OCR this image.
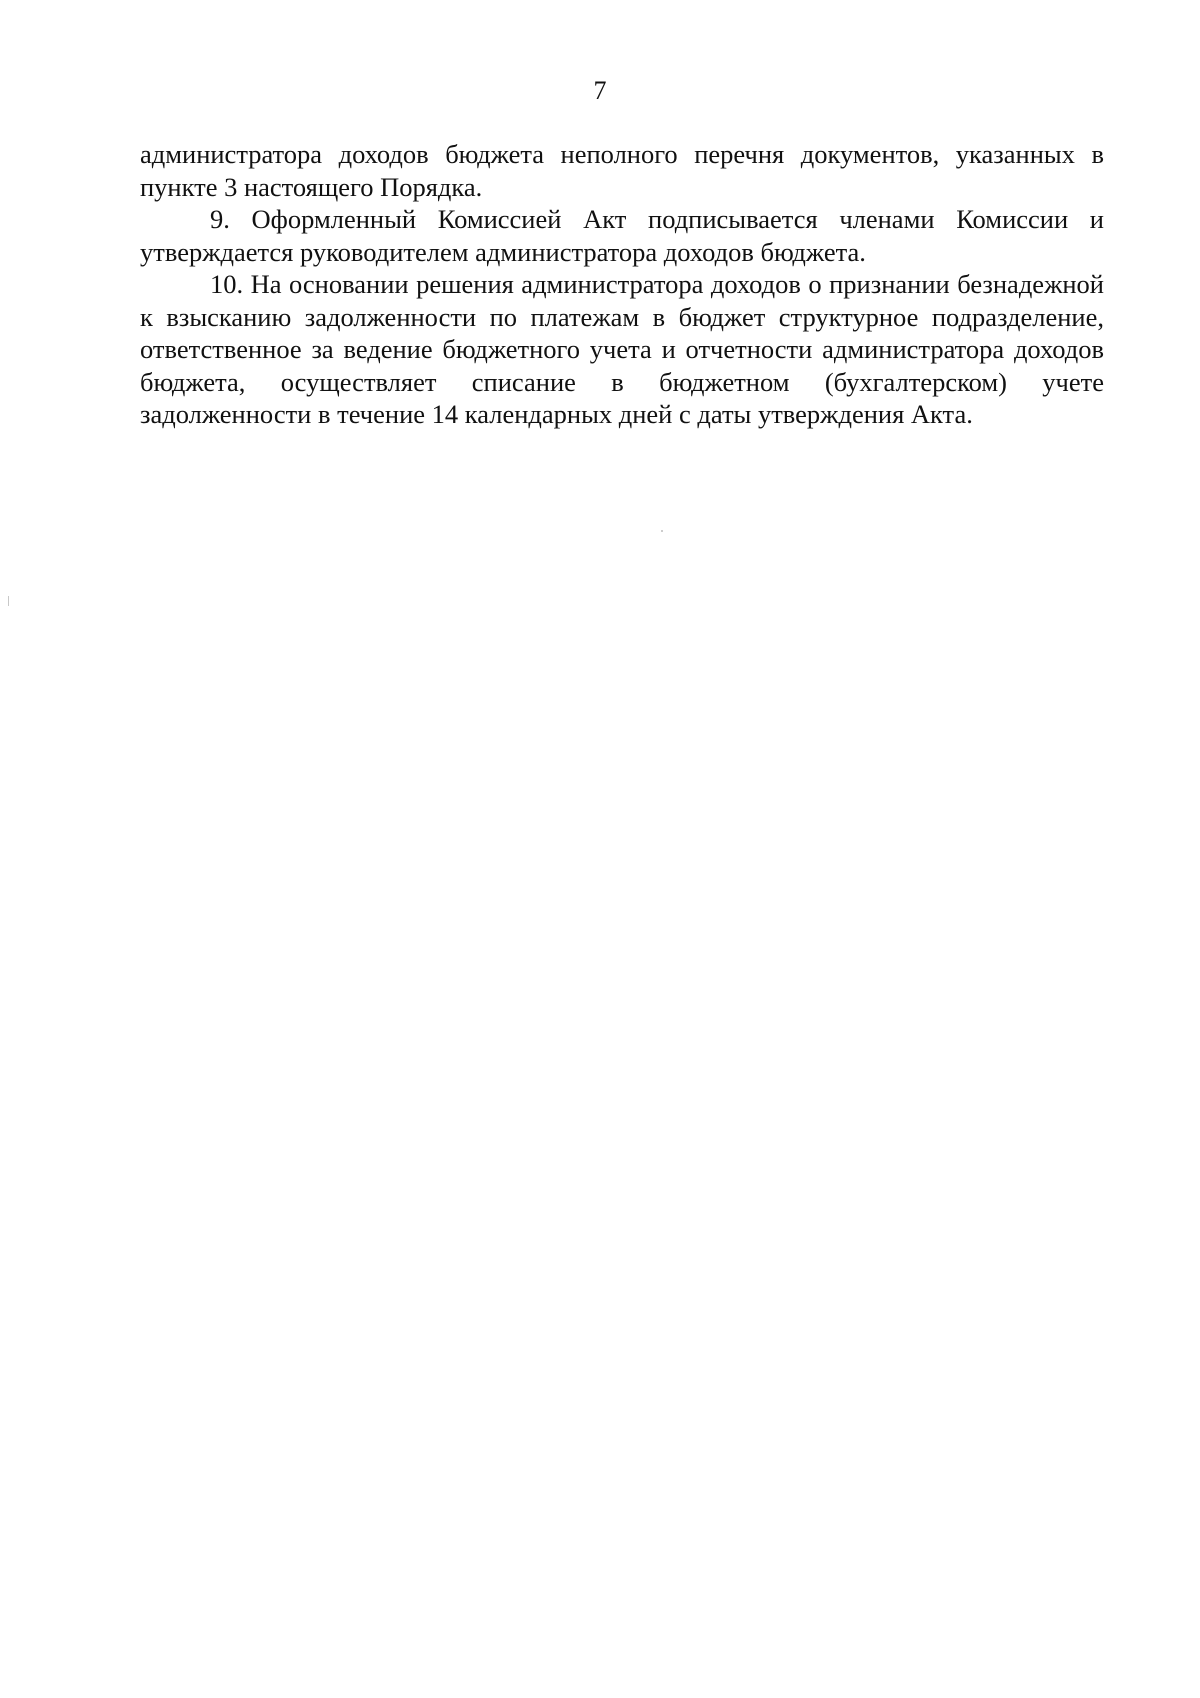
7

администратора доходов бюджета неполного перечня документов, указанных в пункте 3 настоящего Порядка.

9. Оформленный Комиссией Акт подписывается членами Комиссии и утверждается руководителем администратора доходов бюджета.

10. На основании решения администратора доходов о признании безнадежной к взысканию задолженности по платежам в бюджет структурное подразделение, ответственное за ведение бюджетного учета и отчетности администратора доходов бюджета, осуществляет списание в бюджетном (бухгалтерском) учете задолженности в течение 14 календарных дней с даты утверждения Акта.
